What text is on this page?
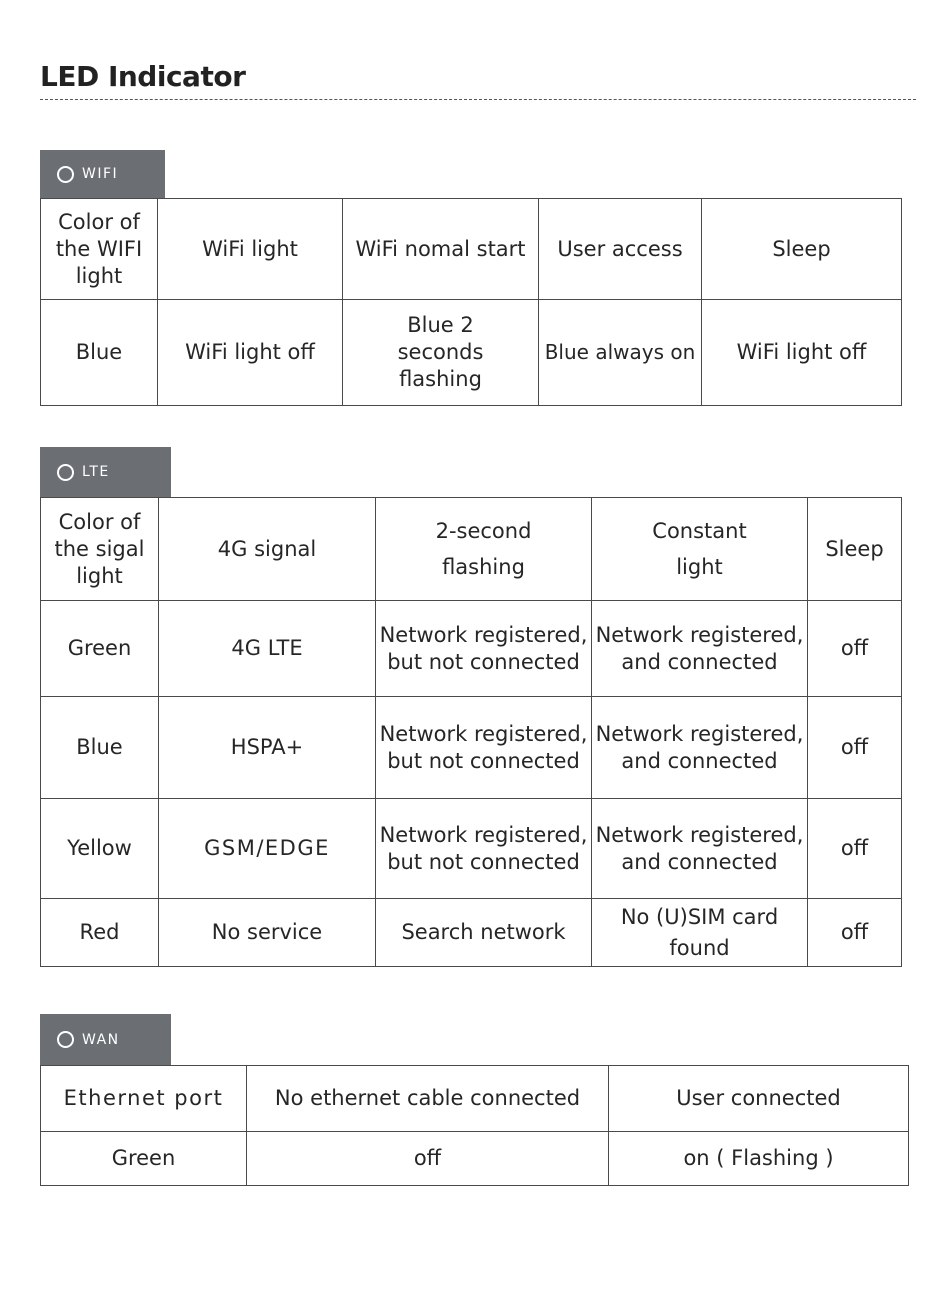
LED Indicator
WIFI
Color of the WIFI light	WiFi light	WiFi nomal start	User access	Sleep
Blue	WiFi light off	Blue 2 seconds flashing	Blue always on	WiFi light off
LTE
Color of the sigal light	4G signal	2-second flashing	Constant light	Sleep
Green	4G LTE	Network registered, but not connected	Network registered, and connected	off
Blue	HSPA+	Network registered, but not connected	Network registered, and connected	off
Yellow	GSM/EDGE	Network registered, but not connected	Network registered, and connected	off
Red	No service	Search network	No (U)SIM card found	off
WAN
Ethernet port	No ethernet cable connected	User connected
Green	off	on ( Flashing )
